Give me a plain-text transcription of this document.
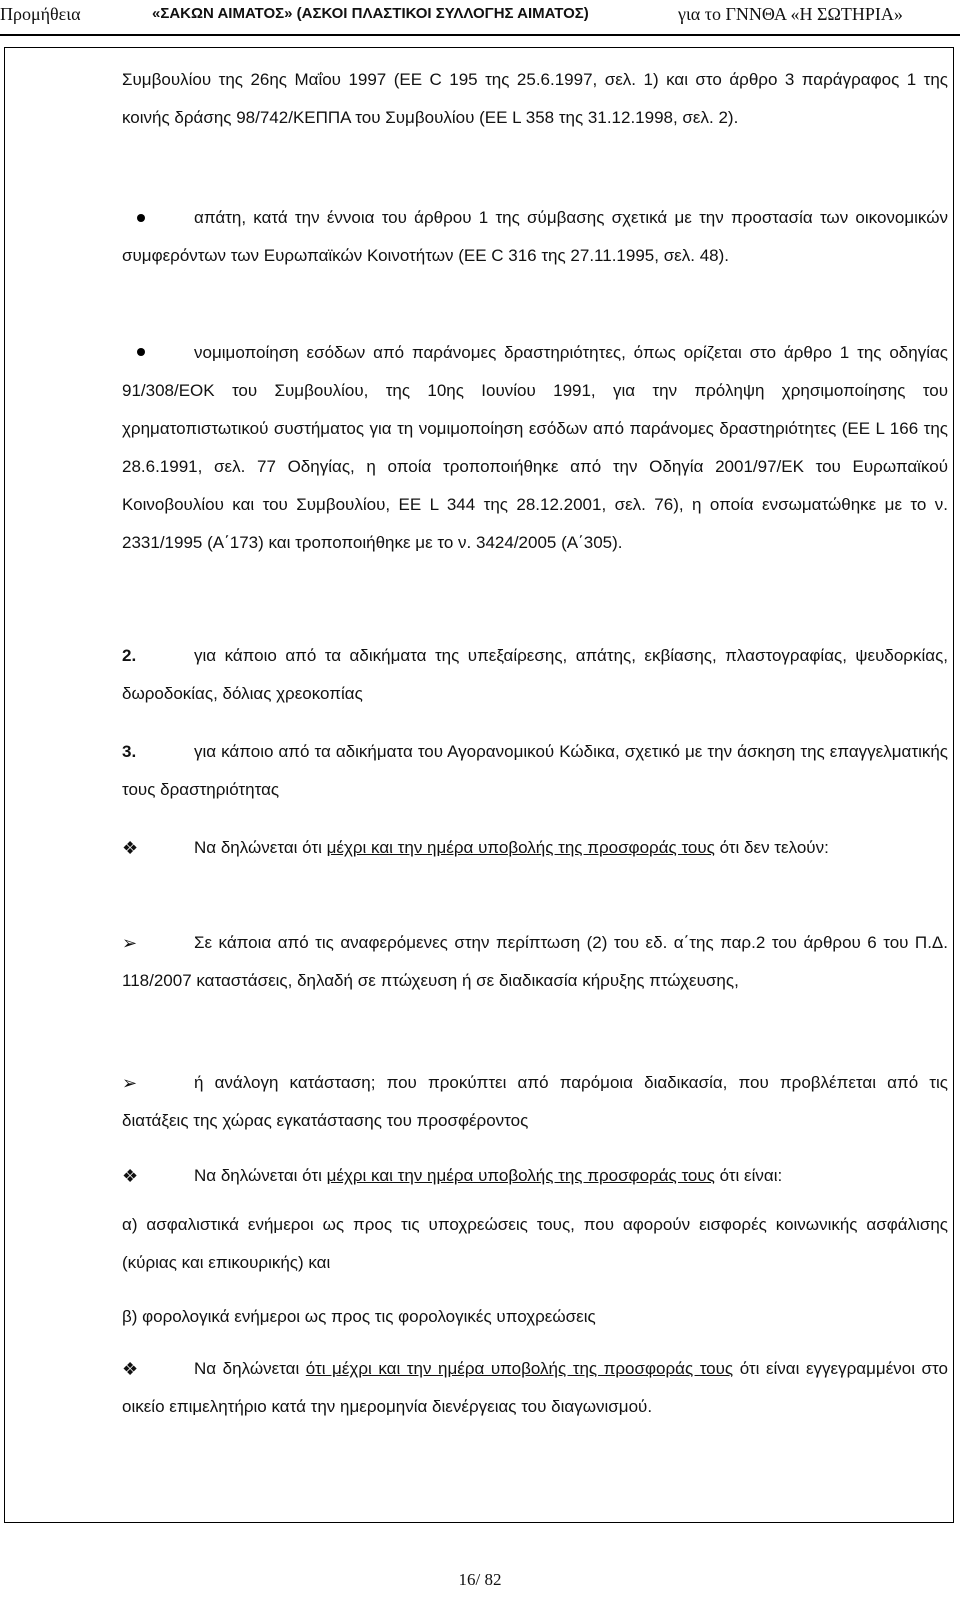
Προμήθεια	«ΣΑΚΩΝ ΑΙΜΑΤΟΣ» (ΑΣΚΟΙ ΠΛΑΣΤΙΚΟΙ ΣΥΛΛΟΓΗΣ ΑΙΜΑΤΟΣ)	για το ΓΝΝΘΑ «Η ΣΩΤΗΡΙΑ»
Συμβουλίου της 26ης Μαΐου 1997 (ΕΕ C 195 της 25.6.1997, σελ. 1) και στο άρθρο 3 παράγραφος 1 της κοινής δράσης 98/742/ΚΕΠΠΑ του Συμβουλίου (ΕΕ L 358 της 31.12.1998, σελ. 2).
απάτη, κατά την έννοια του άρθρου 1 της σύμβασης σχετικά με την προστασία των οικονομικών συμφερόντων των Ευρωπαϊκών Κοινοτήτων (ΕΕ C 316 της 27.11.1995, σελ. 48).
νομιμοποίηση εσόδων από παράνομες δραστηριότητες, όπως ορίζεται στο άρθρο 1 της οδηγίας 91/308/ΕΟΚ του Συμβουλίου, της 10ης Ιουνίου 1991, για την πρόληψη χρησιμοποίησης του χρηματοπιστωτικού συστήματος για τη νομιμοποίηση εσόδων από παράνομες δραστηριότητες (ΕΕ L 166 της 28.6.1991, σελ. 77 Οδηγίας, η οποία τροποποιήθηκε από την Οδηγία 2001/97/ΕΚ του Ευρωπαϊκού Κοινοβουλίου και του Συμβουλίου, ΕΕ L 344 της 28.12.2001, σελ. 76), η οποία ενσωματώθηκε με το ν. 2331/1995 (Α΄173) και τροποποιήθηκε με το ν. 3424/2005 (Α΄305).
2.	για κάποιο από τα αδικήματα της υπεξαίρεσης, απάτης, εκβίασης, πλαστογραφίας, ψευδορκίας, δωροδοκίας, δόλιας χρεοκοπίας
3.	για κάποιο από τα αδικήματα του Αγορανομικού Κώδικα, σχετικό με την άσκηση της επαγγελματικής τους δραστηριότητας
❖	Να δηλώνεται ότι μέχρι και την ημέρα υποβολής της προσφοράς τους ότι δεν τελούν:
➢	Σε κάποια από τις αναφερόμενες στην περίπτωση (2) του εδ. α΄της παρ.2 του άρθρου 6 του Π.Δ. 118/2007 καταστάσεις, δηλαδή σε πτώχευση ή σε διαδικασία κήρυξης πτώχευσης,
➢	ή ανάλογη κατάσταση; που προκύπτει από παρόμοια διαδικασία, που προβλέπεται από τις διατάξεις της χώρας εγκατάστασης του προσφέροντος
❖	Να δηλώνεται ότι μέχρι και την ημέρα υποβολής της προσφοράς τους ότι είναι:
α) ασφαλιστικά ενήμεροι ως προς τις υποχρεώσεις τους, που αφορούν εισφορές κοινωνικής ασφάλισης (κύριας και επικουρικής) και
β) φορολογικά ενήμεροι ως προς τις φορολογικές υποχρεώσεις
❖	Να δηλώνεται ότι μέχρι και την ημέρα υποβολής της προσφοράς τους ότι είναι εγγεγραμμένοι στο οικείο επιμελητήριο κατά την ημερομηνία διενέργειας του διαγωνισμού.
16/ 82
